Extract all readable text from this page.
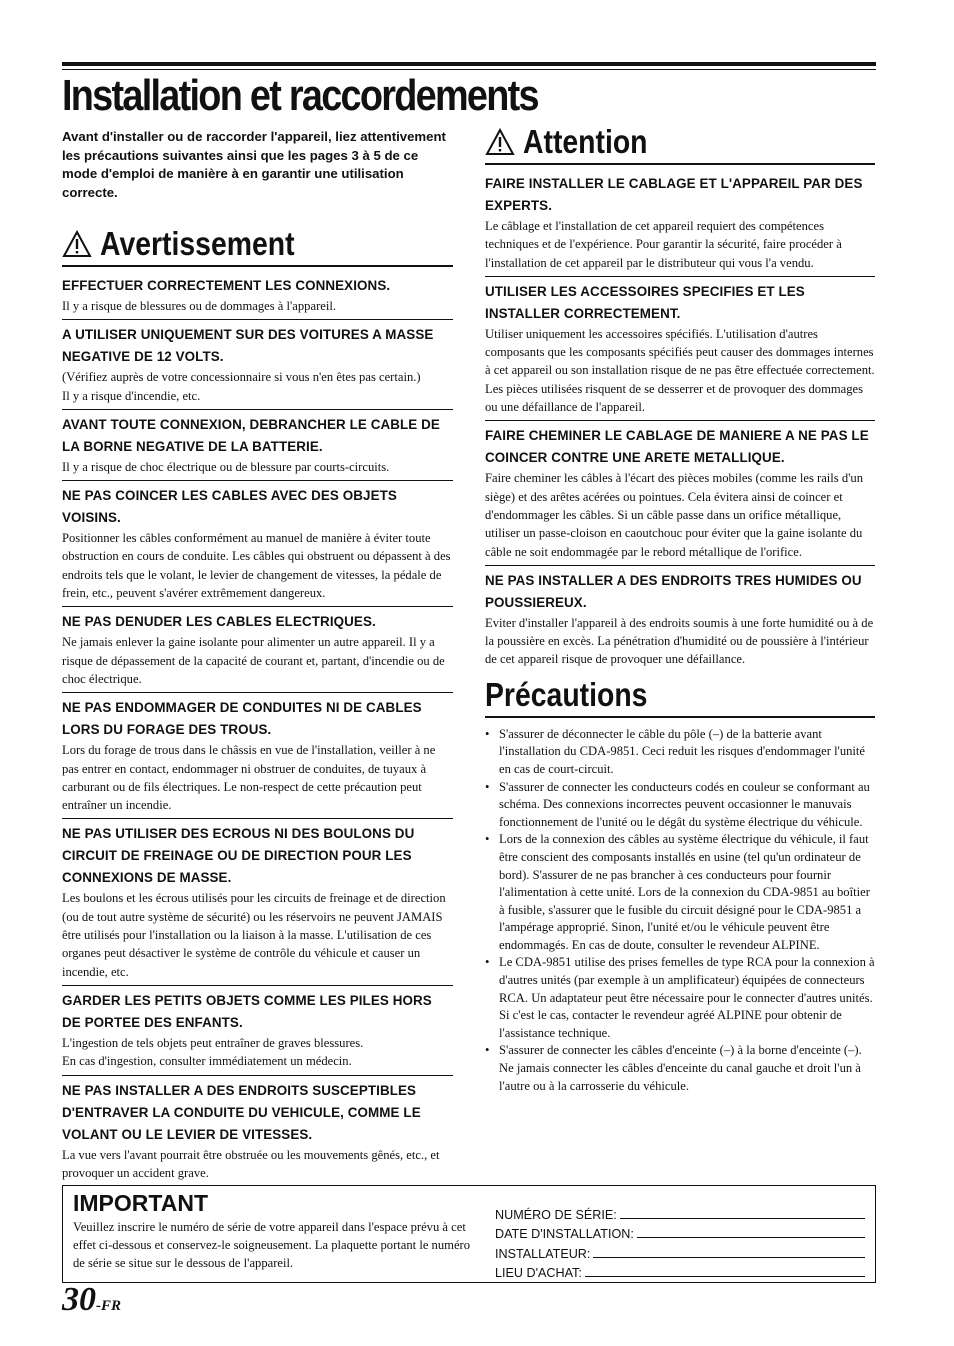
Installation et raccordements
Avant d'installer ou de raccorder l'appareil, liez attentivement les précautions suivantes ainsi que les pages 3 à 5 de ce mode d'emploi de manière à en garantir une utilisation correcte.
Avertissement
EFFECTUER CORRECTEMENT LES CONNEXIONS.

Il y a risque de blessures ou de dommages à l'appareil.

A UTILISER UNIQUEMENT SUR DES VOITURES A MASSE NEGATIVE DE 12 VOLTS.

(Vérifiez auprès de votre concessionnaire si vous n'en êtes pas certain.)

Il y a risque d'incendie, etc.

AVANT TOUTE CONNEXION, DEBRANCHER LE CABLE DE LA BORNE NEGATIVE DE LA BATTERIE.

Il y a risque de choc électrique ou de blessure par courts-circuits.

NE PAS COINCER LES CABLES AVEC DES OBJETS VOISINS.

Positionner les câbles conformément au manuel de manière à éviter toute obstruction en cours de conduite. Les câbles qui obstruent ou dépassent à des endroits tels que le volant, le levier de changement de vitesses, la pédale de frein, etc., peuvent s'avérer extrêmement dangereux.

NE PAS DENUDER LES CABLES ELECTRIQUES.

Ne jamais enlever la gaine isolante pour alimenter un autre appareil. Il y a risque de dépassement de la capacité de courant et, partant, d'incendie ou de choc électrique.

NE PAS ENDOMMAGER DE CONDUITES NI DE CABLES LORS DU FORAGE DES TROUS.

Lors du forage de trous dans le châssis en vue de l'installation, veiller à ne pas entrer en contact, endommager ni obstruer de conduites, de tuyaux à carburant ou de fils électriques. Le non-respect de cette précaution peut entraîner un incendie.

NE PAS UTILISER DES ECROUS NI DES BOULONS DU CIRCUIT DE FREINAGE OU DE DIRECTION POUR LES CONNEXIONS DE MASSE.

Les boulons et les écrous utilisés pour les circuits de freinage et de direction (ou de tout autre système de sécurité) ou les réservoirs ne peuvent JAMAIS être utilisés pour l'installation ou la liaison à la masse. L'utilisation de ces organes peut désactiver le système de contrôle du véhicule et causer un incendie, etc.

GARDER LES PETITS OBJETS COMME LES PILES HORS DE PORTEE DES ENFANTS.

L'ingestion de tels objets peut entraîner de graves blessures.

En cas d'ingestion, consulter immédiatement un médecin.

NE PAS INSTALLER A DES ENDROITS SUSCEPTIBLES D'ENTRAVER LA CONDUITE DU VEHICULE, COMME LE VOLANT OU LE LEVIER DE VITESSES.

La vue vers l'avant pourrait être obstruée ou les mouvements gênés, etc., et provoquer un accident grave.

Attention
FAIRE INSTALLER LE CABLAGE ET L'APPAREIL PAR DES EXPERTS.

Le câblage et l'installation de cet appareil requiert des compétences techniques et de l'expérience. Pour garantir la sécurité, faire procéder à l'installation de cet appareil par le distributeur qui vous l'a vendu.

UTILISER LES ACCESSOIRES SPECIFIES ET LES INSTALLER CORRECTEMENT.

Utiliser uniquement les accessoires spécifiés. L'utilisation d'autres composants que les composants spécifiés peut causer des dommages internes à cet appareil ou son installation risque de ne pas être effectuée correctement. Les pièces utilisées risquent de se desserrer et de provoquer des dommages ou une défaillance de l'appareil.

FAIRE CHEMINER LE CABLAGE DE MANIERE A NE PAS LE COINCER CONTRE UNE ARETE METALLIQUE.

Faire cheminer les câbles à l'écart des pièces mobiles (comme les rails d'un siège) et des arêtes acérées ou pointues. Cela évitera ainsi de coincer et d'endommager les câbles. Si un câble passe dans un orifice métallique, utiliser un passe-cloison en caoutchouc pour éviter que la gaine isolante du câble ne soit endommagée par le rebord métallique de l'orifice.

NE PAS INSTALLER A DES ENDROITS TRES HUMIDES OU POUSSIEREUX.

Eviter d'installer l'appareil à des endroits soumis à une forte humidité ou à de la poussière en excès. La pénétration d'humidité ou de poussière à l'intérieur de cet appareil risque de provoquer une défaillance.

Précautions
• S'assurer de déconnecter le câble du pôle (–) de la batterie avant l'installation du CDA-9851. Ceci reduit les risques d'endommager l'unité en cas de court-circuit.
• S'assurer de connecter les conducteurs codés en couleur se conformant au schéma. Des connexions incorrectes peuvent occasionner le manuvais fonctionnement de l'unité ou le dégât du système électrique du véhicule.
• Lors de la connexion des câbles au système électrique du véhicule, il faut être conscient des composants installés en usine (tel qu'un ordinateur de bord). S'assurer de ne pas brancher à ces conducteurs pour fournir l'alimentation à cette unité. Lors de la connexion du CDA-9851 au boîtier à fusible, s'assurer que le fusible du circuit désigné pour le CDA-9851 a l'ampérage approprié. Sinon, l'unité et/ou le véhicule peuvent être endommagés. En cas de doute, consulter le revendeur ALPINE.
• Le CDA-9851 utilise des prises femelles de type RCA pour la connexion à d'autres unités (par exemple à un amplificateur) équipées de connecteurs RCA. Un adaptateur peut être nécessaire pour le connecter d'autres unités. Si c'est le cas, contacter le revendeur agréé ALPINE pour obtenir de l'assistance technique.
• S'assurer de connecter les câbles d'enceinte (–) à la borne d'enceinte (–). Ne jamais connecter les câbles d'enceinte du canal gauche et droit l'un à l'autre ou à la carrosserie du véhicule.
IMPORTANT
Veuillez inscrire le numéro de série de votre appareil dans l'espace prévu à cet effet ci-dessous et conservez-le soigneusement. La plaquette portant le numéro de série se situe sur le dessous de l'appareil.
NUMÉRO DE SÉRIE:
DATE D'INSTALLATION:
INSTALLATEUR:
LIEU D'ACHAT:
30-FR
